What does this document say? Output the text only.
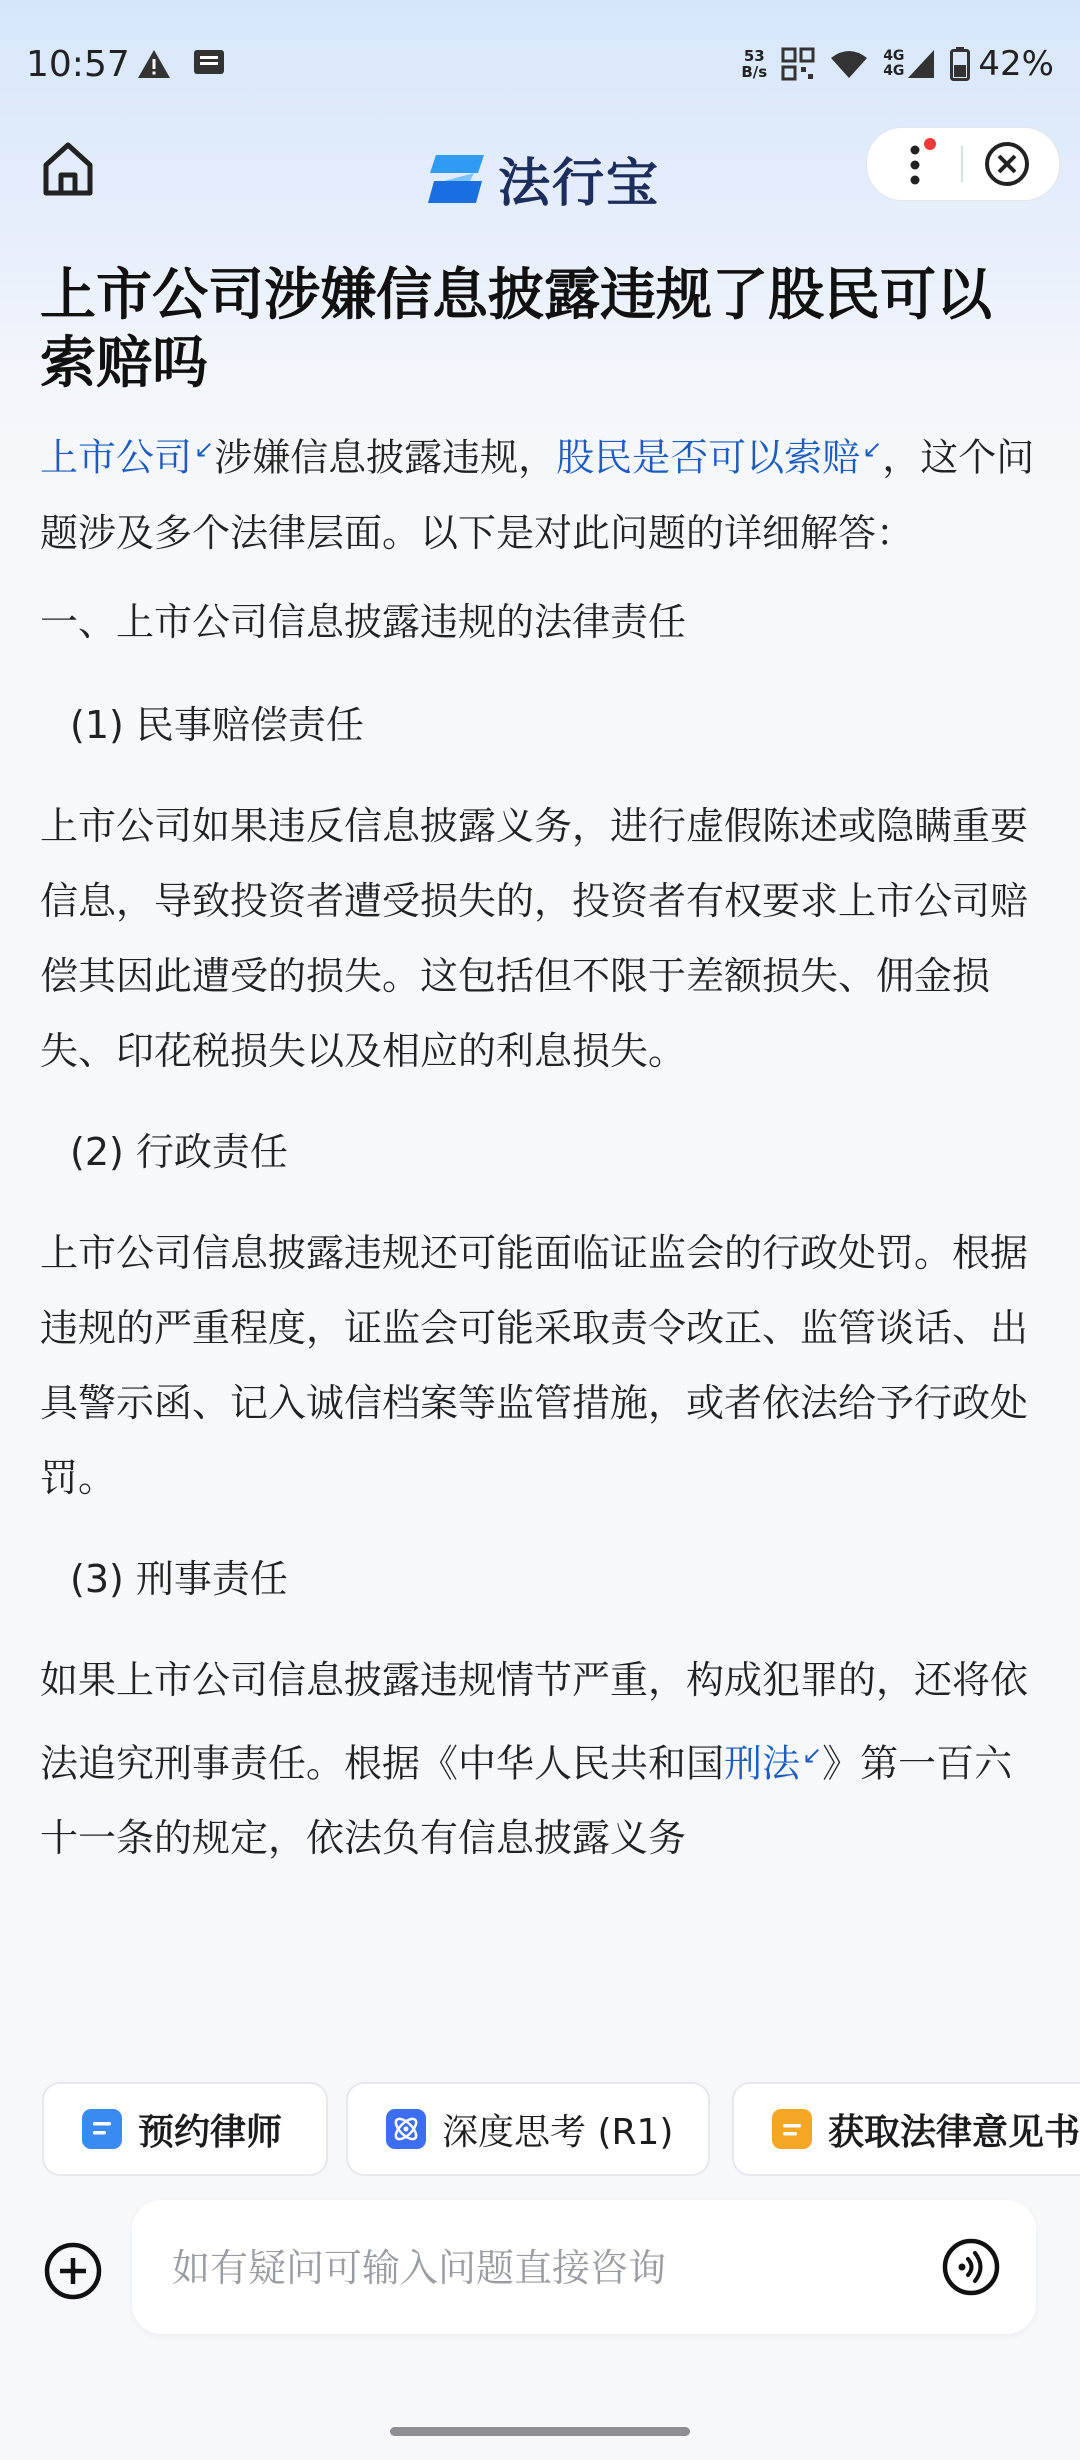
10:57	53
B/s
4G
4G 42%
法行宝
上市公司涉嫌信息披露违规了股民可以索赔吗

上市公司↙涉嫌信息披露违规，股民是否可以索赔↙，这个问题涉及多个法律层面。以下是对此问题的详细解答：

一、上市公司信息披露违规的法律责任

(1) 民事赔偿责任

上市公司如果违反信息披露义务，进行虚假陈述或隐瞒重要信息，导致投资者遭受损失的，投资者有权要求上市公司赔偿其因此遭受的损失。这包括但不限于差额损失、佣金损失、印花税损失以及相应的利息损失。

(2) 行政责任

上市公司信息披露违规还可能面临证监会的行政处罚。根据违规的严重程度，证监会可能采取责令改正、监管谈话、出具警示函、记入诚信档案等监管措施，或者依法给予行政处罚。

(3) 刑事责任

如果上市公司信息披露违规情节严重，构成犯罪的，还将依法追究刑事责任。根据《中华人民共和国刑法↙》第一百六十一条的规定，依法负有信息披露义务

预约律师	深度思考 (R1)	获取法律意见书
如有疑问可输入问题直接咨询
